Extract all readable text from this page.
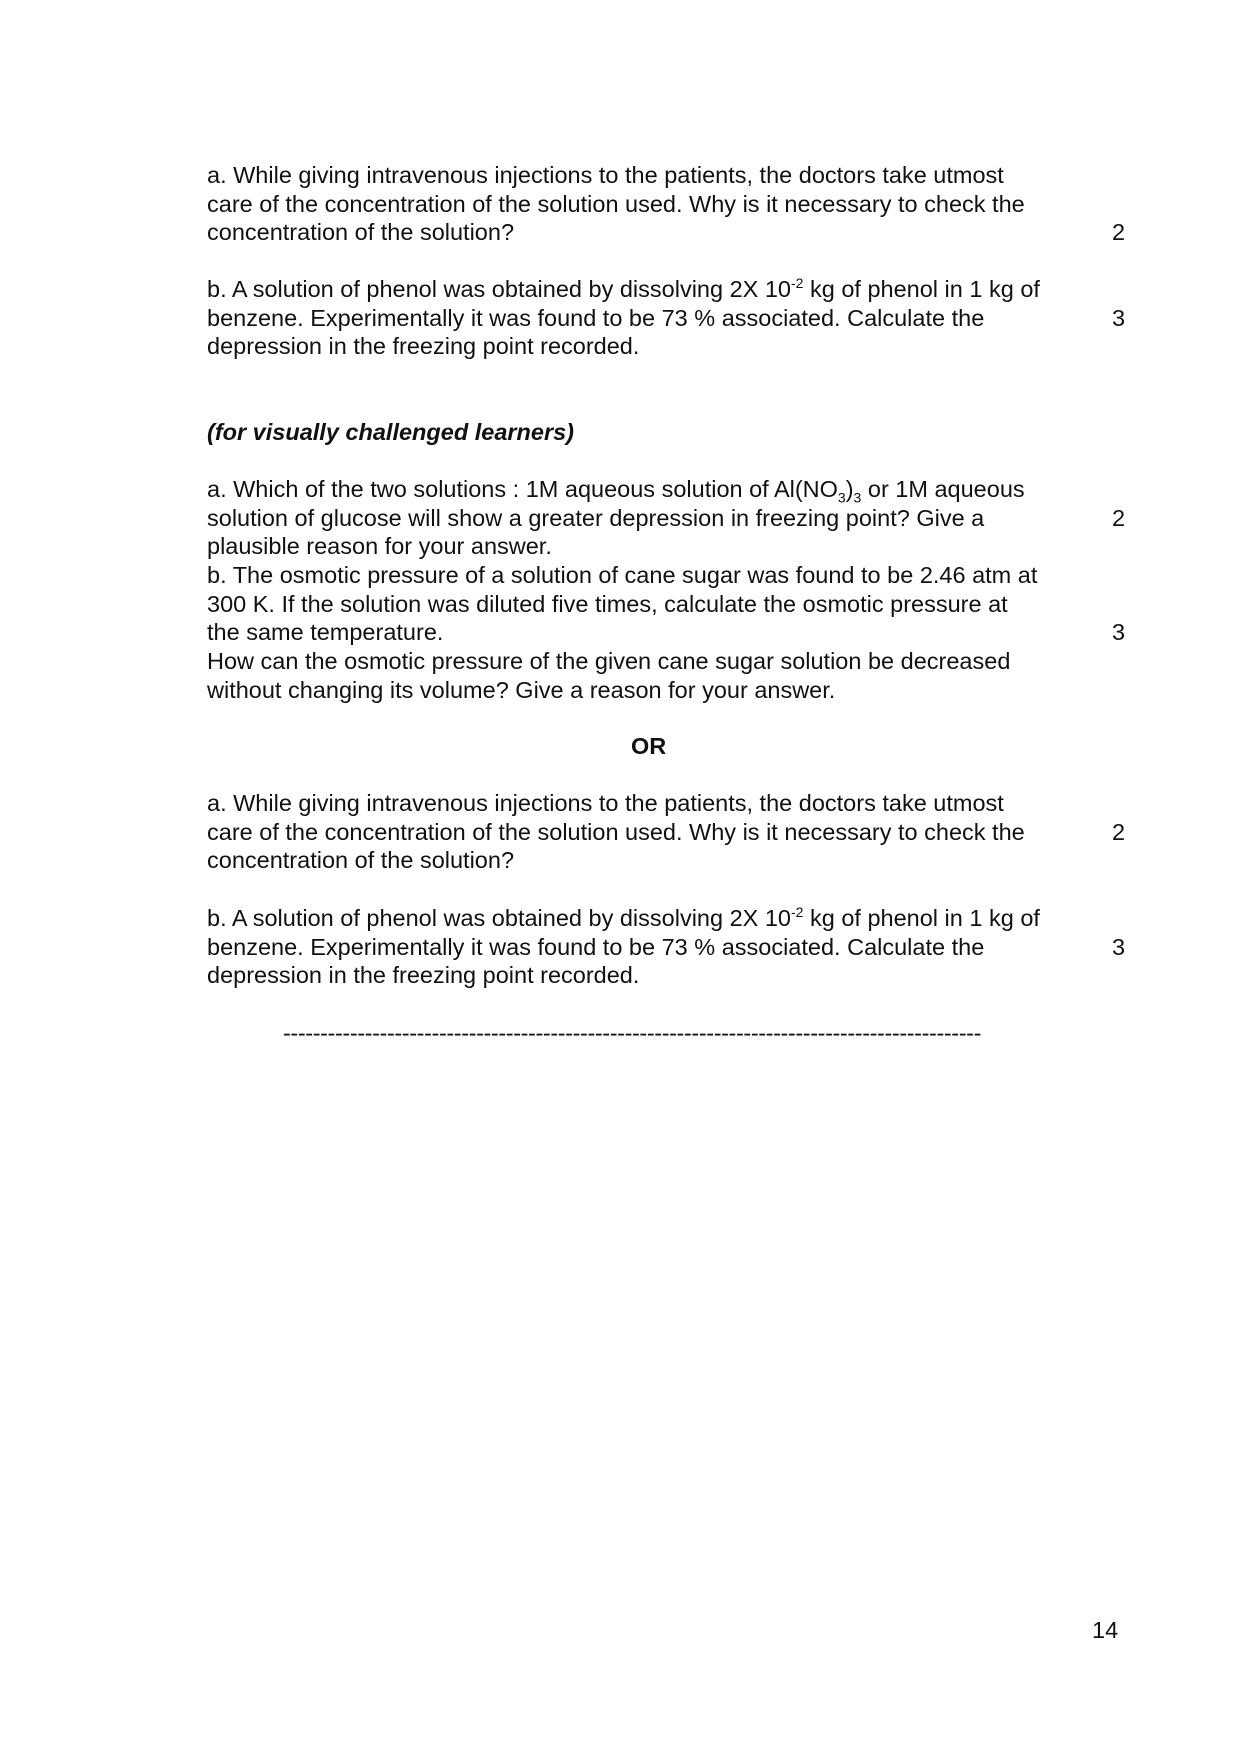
a. While giving intravenous injections to the patients, the doctors take utmost
care of the concentration of the solution used. Why is it necessary to check the
concentration of the solution?	2
b. A solution of phenol was obtained by dissolving 2X $10^{-2}$ kg of phenol in 1 kg of
benzene. Experimentally it was found to be 73 % associated. Calculate the
depression in the freezing point recorded.
3
(for visually challenged learners)
a. Which of the two solutions : 1M aqueous solution of $Al(NO_3)_3$ or 1M aqueous
solution of glucose will show a greater depression in freezing point? Give a
plausible reason for your answer.
2
b. The osmotic pressure of a solution of cane sugar was found to be 2.46 atm at
300 K. If the solution was diluted five times, calculate the osmotic pressure at
the same temperature.
How can the osmotic pressure of the given cane sugar solution be decreased
without changing its volume? Give a reason for your answer.
3
OR
a. While giving intravenous injections to the patients, the doctors take utmost
care of the concentration of the solution used. Why is it necessary to check the
concentration of the solution?
2
b. A solution of phenol was obtained by dissolving 2X $10^{-2}$ kg of phenol in 1 kg of
benzene. Experimentally it was found to be 73 % associated. Calculate the
depression in the freezing point recorded.
3
----------------------------------------------------------------------------------------------
14
